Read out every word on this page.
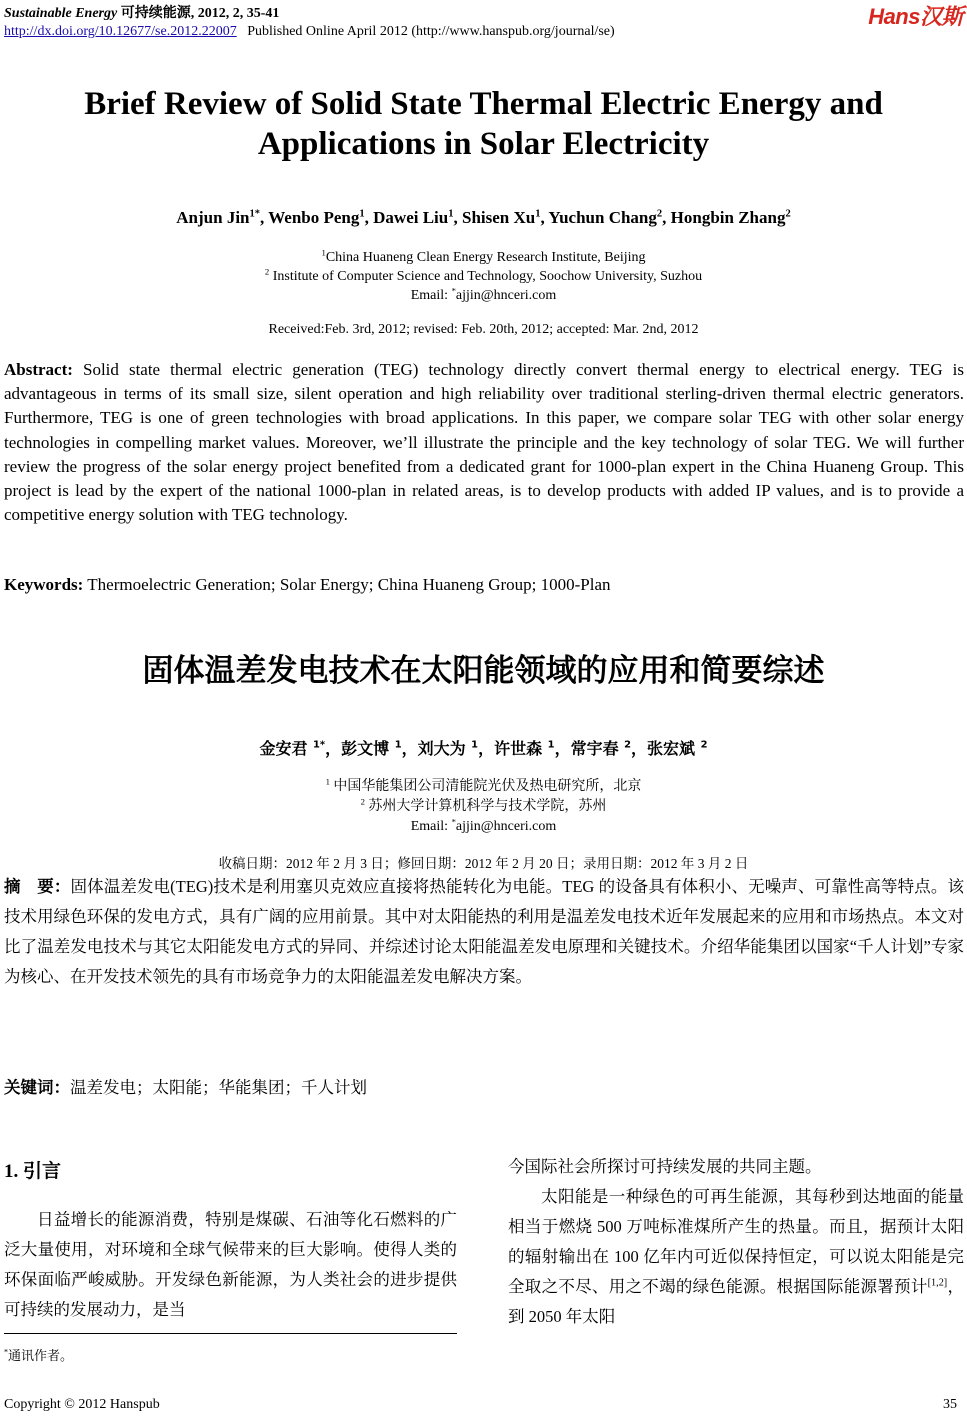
Sustainable Energy 可持续能源, 2012, 2, 35-41
http://dx.doi.org/10.12677/se.2012.22007 Published Online April 2012 (http://www.hanspub.org/journal/se)
Hans汉斯
Brief Review of Solid State Thermal Electric Energy and Applications in Solar Electricity
Anjun Jin$^{1*}$, Wenbo Peng$^1$, Dawei Liu$^1$, Shisen Xu$^1$, Yuchun Chang$^2$, Hongbin Zhang$^2$
$^1$China Huaneng Clean Energy Research Institute, Beijing
$^2$ Institute of Computer Science and Technology, Soochow University, Suzhou
Email: *ajjin@hnceri.com
Received:Feb. 3rd, 2012; revised: Feb. 20th, 2012; accepted: Mar. 2nd, 2012
Abstract: Solid state thermal electric generation (TEG) technology directly convert thermal energy to electrical energy. TEG is advantageous in terms of its small size, silent operation and high reliability over traditional sterling-driven thermal electric generators. Furthermore, TEG is one of green technologies with broad applications. In this paper, we compare solar TEG with other solar energy technologies in compelling market values. Moreover, we’ll illustrate the principle and the key technology of solar TEG. We will further review the progress of the solar energy project benefited from a dedicated grant for 1000-plan expert in the China Huaneng Group. This project is lead by the expert of the national 1000-plan in related areas, is to develop products with added IP values, and is to provide a competitive energy solution with TEG technology.
Keywords: Thermoelectric Generation; Solar Energy; China Huaneng Group; 1000-Plan
固体温差发电技术在太阳能领域的应用和简要综述
金安君 $^{1*}$，彭文博 $^1$，刘大为 $^1$，许世森 $^1$，常宇春 $^2$，张宏斌 $^2$
$^1$ 中国华能集团公司清能院光伏及热电研究所，北京
$^2$ 苏州大学计算机科学与技术学院，苏州
Email: *ajjin@hnceri.com
收稿日期：2012 年 2 月 3 日；修回日期：2012 年 2 月 20 日；录用日期：2012 年 3 月 2 日
摘　要：固体温差发电(TEG)技术是利用塞贝克效应直接将热能转化为电能。TEG 的设备具有体积小、无噪声、可靠性高等特点。该技术用绿色环保的发电方式，具有广阔的应用前景。其中对太阳能热的利用是温差发电技术近年发展起来的应用和市场热点。本文对比了温差发电技术与其它太阳能发电方式的异同、并综述讨论太阳能温差发电原理和关键技术。介绍华能集团以国家“千人计划”专家为核心、在开发技术领先的具有市场竞争力的太阳能温差发电解决方案。
关键词：温差发电；太阳能；华能集团；千人计划
1. 引言
日益增长的能源消费，特别是煤碳、石油等化石燃料的广泛大量使用，对环境和全球气候带来的巨大影响。使得人类的环保面临严峻威胁。开发绿色新能源，为人类社会的进步提供可持续的发展动力，是当
今国际社会所探讨可持续发展的共同主题。
太阳能是一种绿色的可再生能源，其每秒到达地面的能量相当于燃烧 500 万吨标准煤所产生的热量。而且，据预计太阳的辐射输出在 100 亿年内可近似保持恒定，可以说太阳能是完全取之不尽、用之不竭的绿色能源。根据国际能源署预计[1,2]，到 2050 年太阳
*通讯作者。
Copyright © 2012 Hanspub	35
